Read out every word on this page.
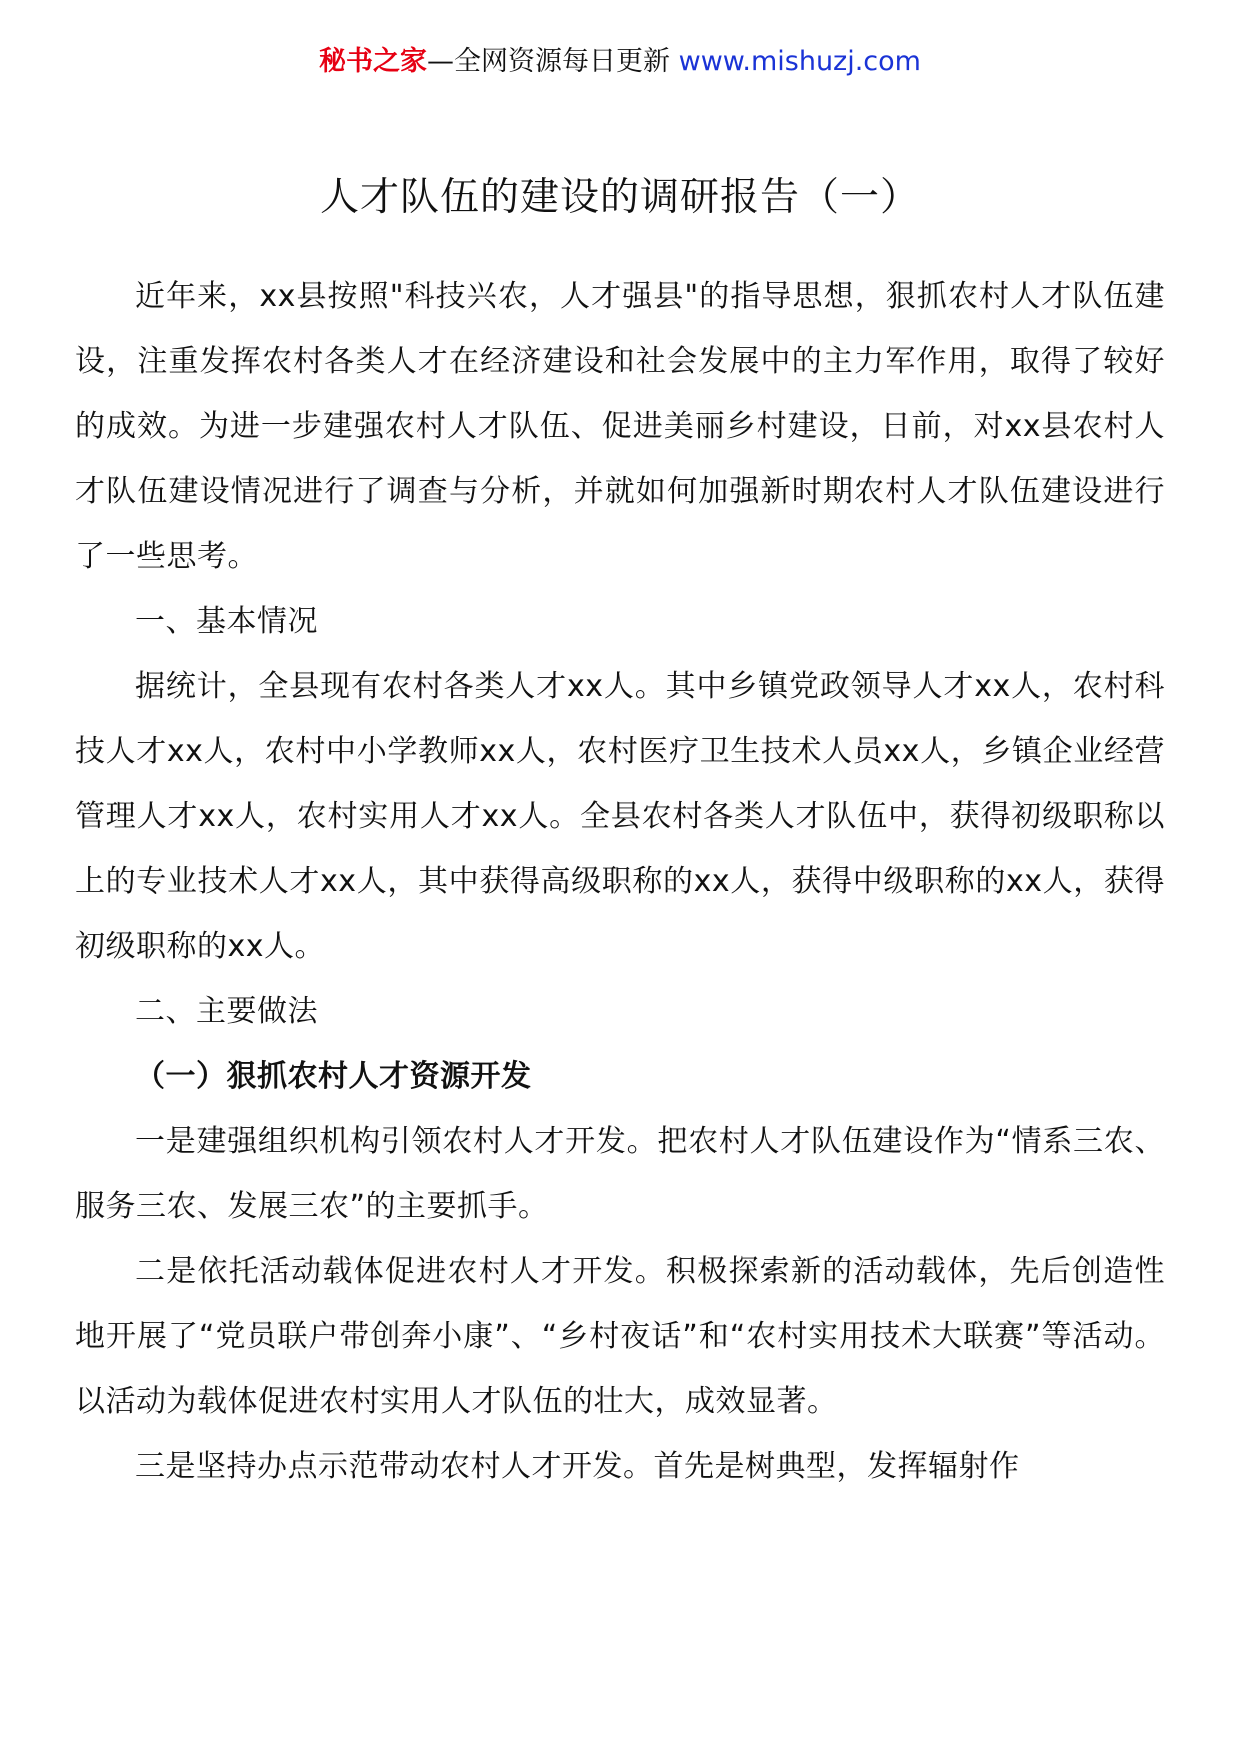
秘书之家—全网资源每日更新 www.mishuzj.com
人才队伍的建设的调研报告（一）

近年来，xx县按照"科技兴农，人才强县"的指导思想，狠抓农村人才队伍建设，注重发挥农村各类人才在经济建设和社会发展中的主力军作用，取得了较好的成效。为进一步建强农村人才队伍、促进美丽乡村建设，日前，对xx县农村人才队伍建设情况进行了调查与分析，并就如何加强新时期农村人才队伍建设进行了一些思考。

一、基本情况

据统计，全县现有农村各类人才xx人。其中乡镇党政领导人才xx人，农村科技人才xx人，农村中小学教师xx人，农村医疗卫生技术人员xx人，乡镇企业经营管理人才xx人，农村实用人才xx人。全县农村各类人才队伍中，获得初级职称以上的专业技术人才xx人，其中获得高级职称的xx人，获得中级职称的xx人，获得初级职称的xx人。

二、主要做法

（一）狠抓农村人才资源开发

一是建强组织机构引领农村人才开发。把农村人才队伍建设作为“情系三农、服务三农、发展三农”的主要抓手。

二是依托活动载体促进农村人才开发。积极探索新的活动载体，先后创造性地开展了“党员联户带创奔小康”、“乡村夜话”和“农村实用技术大联赛”等活动。以活动为载体促进农村实用人才队伍的壮大，成效显著。

三是坚持办点示范带动农村人才开发。首先是树典型，发挥辐射作
